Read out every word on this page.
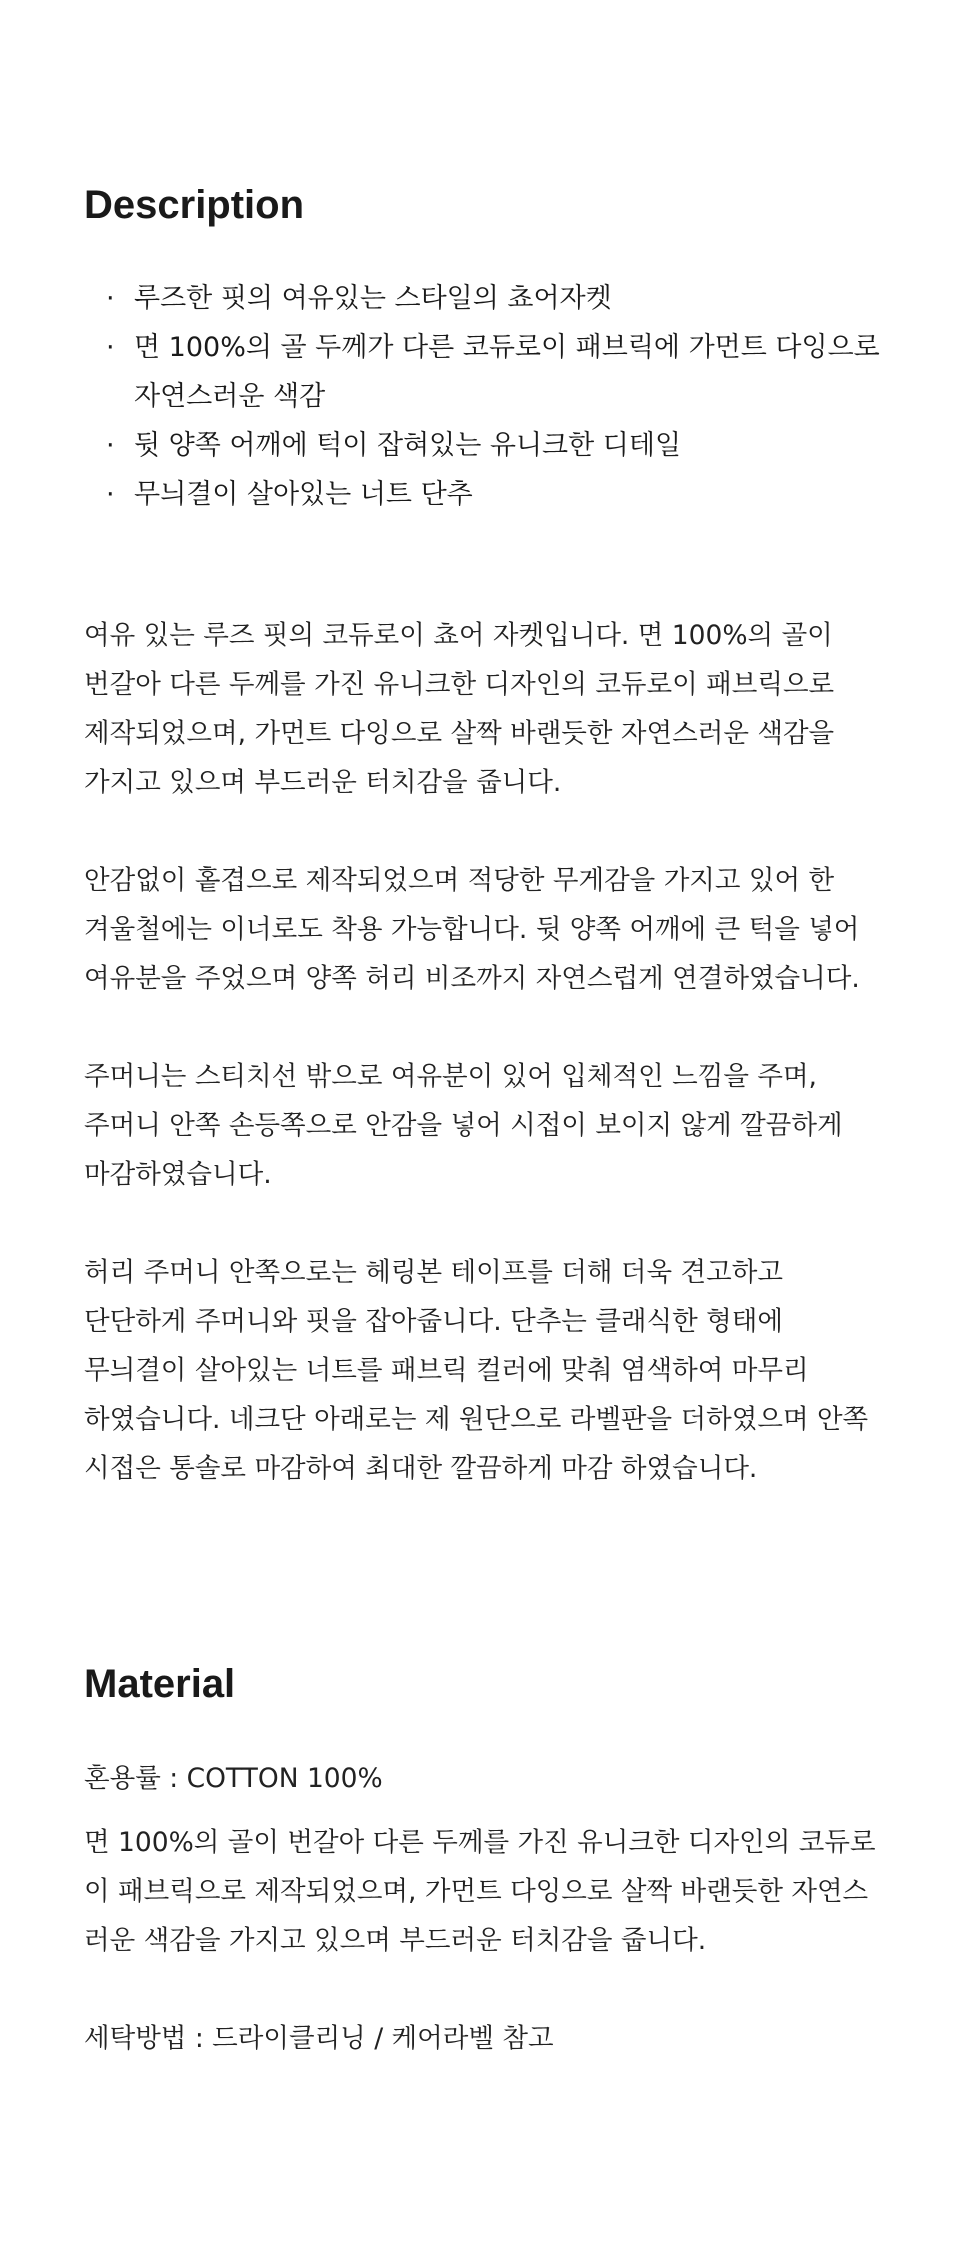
Description
· 루즈한 핏의 여유있는 스타일의 쵸어자켓
· 면 100%의 골 두께가 다른 코듀로이 패브릭에 가먼트 다잉으로 자연스러운 색감
· 뒷 양쪽 어깨에 턱이 잡혀있는 유니크한 디테일
· 무늬결이 살아있는 너트 단추

여유 있는 루즈 핏의 코듀로이 쵸어 자켓입니다. 면 100%의 골이 번갈아 다른 두께를 가진 유니크한 디자인의 코듀로이 패브릭으로 제작되었으며, 가먼트 다잉으로 살짝 바랜듯한 자연스러운 색감을 가지고 있으며 부드러운 터치감을 줍니다.

안감없이 홑겹으로 제작되었으며 적당한 무게감을 가지고 있어 한 겨울철에는 이너로도 착용 가능합니다. 뒷 양쪽 어깨에 큰 턱을 넣어 여유분을 주었으며 양쪽 허리 비조까지 자연스럽게 연결하였습니다.

주머니는 스티치선 밖으로 여유분이 있어 입체적인 느낌을 주며, 주머니 안쪽 손등쪽으로 안감을 넣어 시접이 보이지 않게 깔끔하게 마감하였습니다.

허리 주머니 안쪽으로는 헤링본 테이프를 더해 더욱 견고하고 단단하게 주머니와 핏을 잡아줍니다. 단추는 클래식한 형태에 무늬결이 살아있는 너트를 패브릭 컬러에 맞춰 염색하여 마무리 하였습니다. 네크단 아래로는 제 원단으로 라벨판을 더하였으며 안쪽 시접은 통솔로 마감하여 최대한 깔끔하게 마감 하였습니다.

Material

혼용률 : COTTON 100%

면 100%의 골이 번갈아 다른 두께를 가진 유니크한 디자인의 코듀로이 패브릭으로 제작되었으며, 가먼트 다잉으로 살짝 바랜듯한 자연스러운 색감을 가지고 있으며 부드러운 터치감을 줍니다.

세탁방법 : 드라이클리닝 / 케어라벨 참고
